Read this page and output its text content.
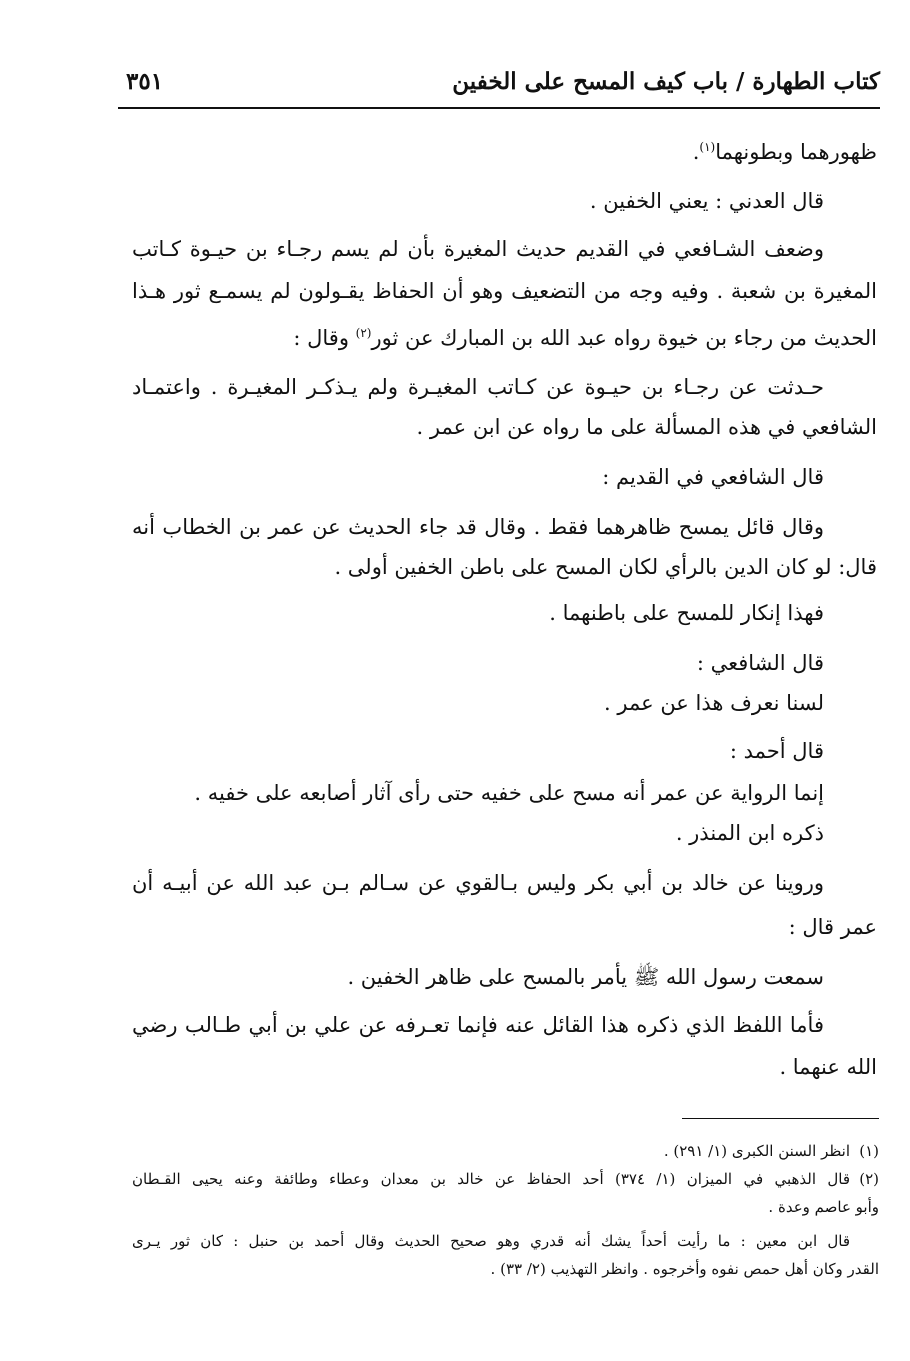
كتاب الطهارة / باب كيف المسح على الخفين
٣٥١
ظهورهما وبطونهما$^{(١)}$.
قال العدني : يعني الخفين .
وضعف الشـافعي في القديم حديث المغيرة بأن لم يسم رجـاء بن حيـوة كـاتب
المغيرة بن شعبة . وفيه وجه من التضعيف وهو أن الحفاظ يقـولون لم يسمـع ثور هـذا
الحديث من رجاء بن خيوة رواه عبد الله بن المبارك عن ثور$^{(٢)}$ وقال :
حـدثت عن رجـاء بن حيـوة عن كـاتب المغيـرة ولم يـذكـر المغيـرة . واعتمـاد
الشافعي في هذه المسألة على ما رواه عن ابن عمر .
قال الشافعي في القديم :
وقال قائل يمسح ظاهرهما فقط . وقال قد جاء الحديث عن عمر بن الخطاب أنه
قال: لو كان الدين بالرأي لكان المسح على باطن الخفين أولى .
فهذا إنكار للمسح على باطنهما .
قال الشافعي :
لسنا نعرف هذا عن عمر .
قال أحمد :
إنما الرواية عن عمر أنه مسح على خفيه حتى رأى آثار أصابعه على خفيه .
ذكره ابن المنذر .
وروينا عن خالد بن أبي بكر وليس بـالقوي عن سـالم بـن عبد الله عن أبيـه أن
عمر قال :
سمعت رسول الله ﷺ يأمر بالمسح على ظاهر الخفين .
فأما اللفظ الذي ذكره هذا القائل عنه فإنما تعـرفه عن علي بن أبي طـالب رضي
الله عنهما .
(١)
انظر السنن الكبرى (١/ ٢٩١) .
(٢)
قال الذهبي في الميزان (١/ ٣٧٤) أحد الحفاظ عن خالد بن معدان وعطاء وطائفة وعنه يحيى القـطان
وأبو عاصم وعدة .
قال ابن معين : ما رأيت أحداً يشك أنه قدري وهو صحيح الحديث وقال أحمد بن حنبل : كان ثور يـرى
القدر وكان أهل حمص نفوه وأخرجوه . وانظر التهذيب (٢/ ٣٣) .
